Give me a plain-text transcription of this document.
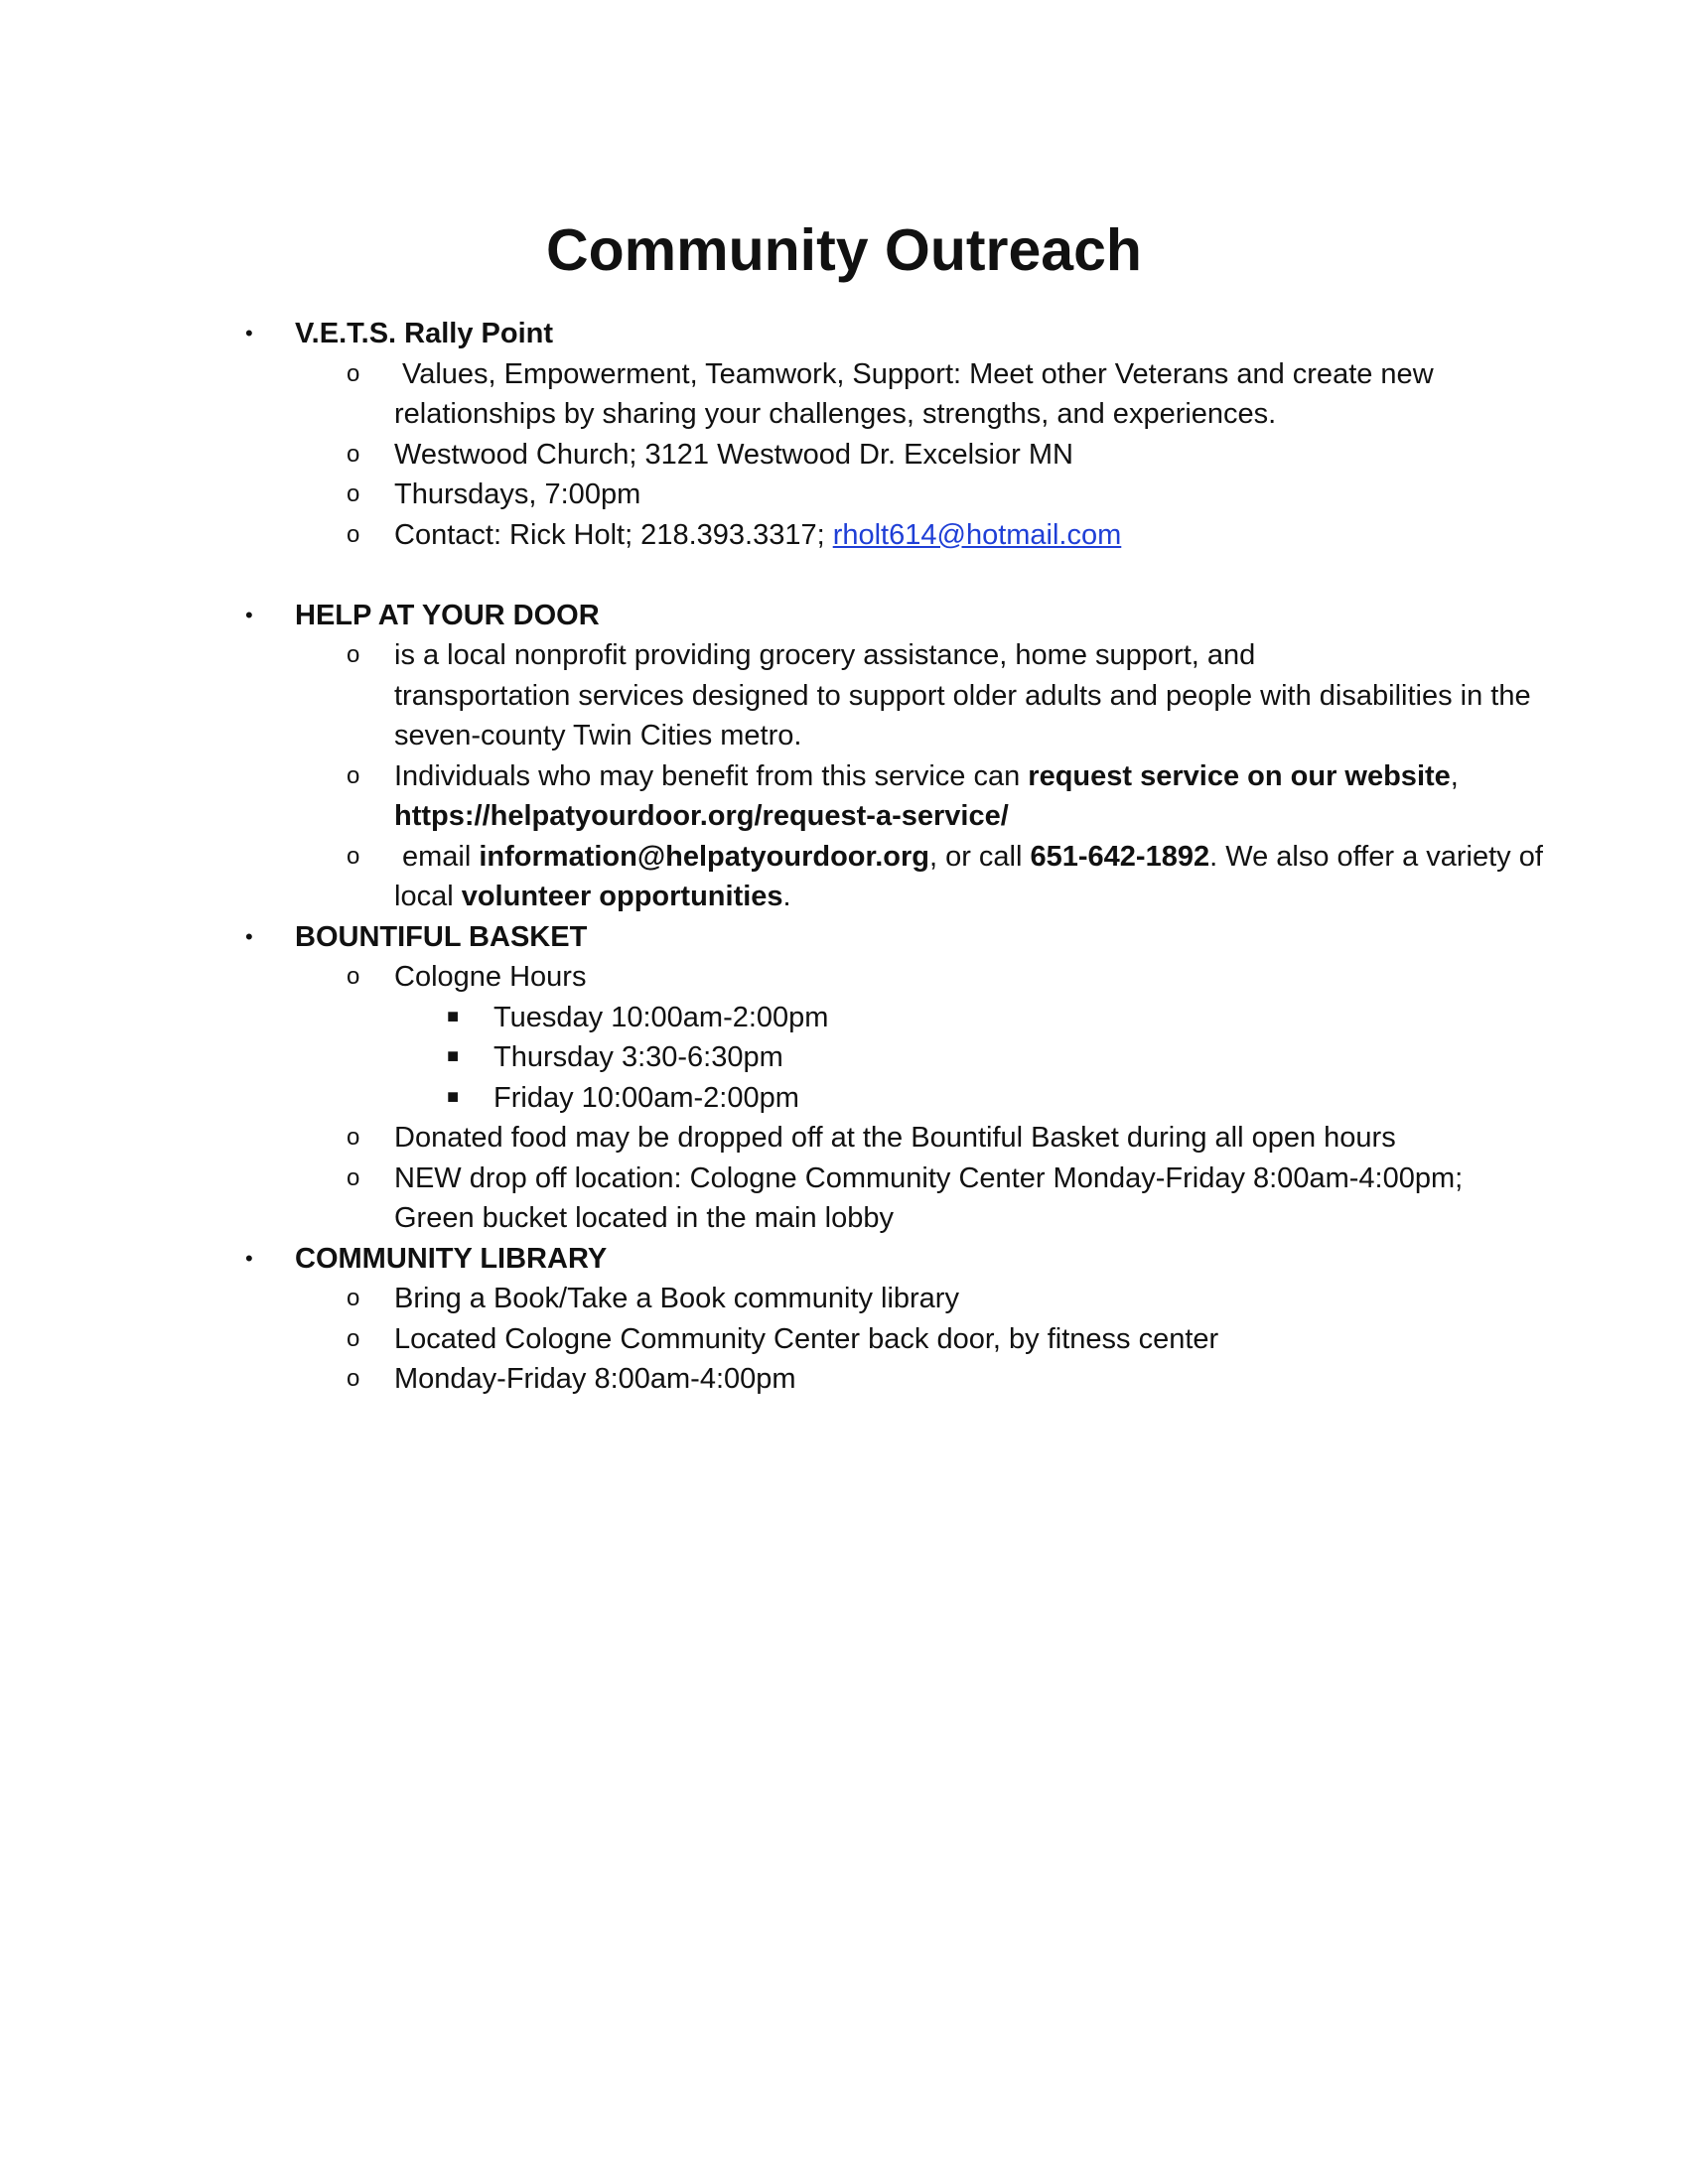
Community Outreach
• V.E.T.S. Rally Point
o Values, Empowerment, Teamwork, Support: Meet other Veterans and create new relationships by sharing your challenges, strengths, and experiences.
o Westwood Church; 3121 Westwood Dr. Excelsior MN
o Thursdays, 7:00pm
o Contact: Rick Holt; 218.393.3317; rholt614@hotmail.com
• HELP AT YOUR DOOR
o is a local nonprofit providing grocery assistance, home support, and
transportation services designed to support older adults and people with disabilities in the seven-county Twin Cities metro.
o Individuals who may benefit from this service can request service on our website,
https://helpatyourdoor.org/request-a-service/
o email information@helpatyourdoor.org, or call 651-642-1892. We also offer a variety of local volunteer opportunities.
• BOUNTIFUL BASKET
o Cologne Hours
■ Tuesday 10:00am-2:00pm
■ Thursday 3:30-6:30pm
■ Friday 10:00am-2:00pm
o Donated food may be dropped off at the Bountiful Basket during all open hours
o NEW drop off location: Cologne Community Center Monday-Friday 8:00am-4:00pm;
Green bucket located in the main lobby
• COMMUNITY LIBRARY
o Bring a Book/Take a Book community library
o Located Cologne Community Center back door, by fitness center
o Monday-Friday 8:00am-4:00pm
